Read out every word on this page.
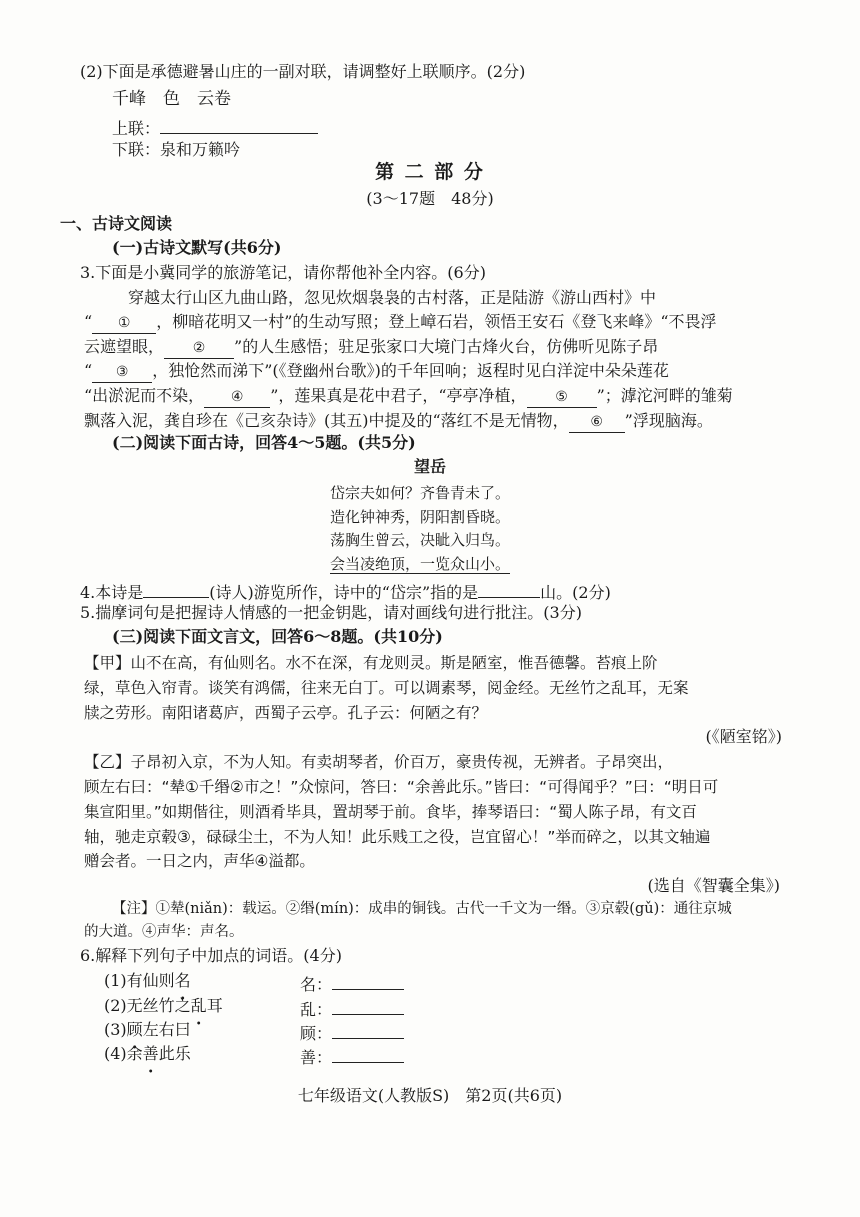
(2)下面是承德避暑山庄的一副对联，请调整好上联顺序。(2分)
千峰　色　云卷
上联：
下联：泉和万籁吟
第 二 部 分
(3～17题　48分)
一、古诗文阅读
(一)古诗文默写(共6分)
3.下面是小冀同学的旅游笔记，请你帮他补全内容。(6分)
穿越太行山区九曲山路，忽见炊烟袅袅的古村落，正是陆游《游山西村》中
“ ① ，柳暗花明又一村”的生动写照；登上嶂石岩，领悟王安石《登飞来峰》“不畏浮
云遮望眼， ② ”的人生感悟；驻足张家口大境门古烽火台，仿佛听见陈子昂
“ ③ ，独怆然而涕下”(《登幽州台歌》)的千年回响；返程时见白洋淀中朵朵莲花
“出淤泥而不染， ④ ”，莲果真是花中君子，“亭亭净植， ⑤ ”；滹沱河畔的雏菊
飘落入泥，龚自珍在《己亥杂诗》(其五)中提及的“落红不是无情物， ⑥ ”浮现脑海。
(二)阅读下面古诗，回答4～5题。(共5分)
望岳
岱宗夫如何？齐鲁青未了。
造化钟神秀，阴阳割昏晓。
荡胸生曾云，决眦入归鸟。
会当凌绝顶，一览众山小。
4.本诗是	(诗人)游览所作，诗中的“岱宗”指的是	山。(2分)
5.揣摩词句是把握诗人情感的一把金钥匙，请对画线句进行批注。(3分)
(三)阅读下面文言文，回答6～8题。(共10分)
【甲】山不在高，有仙则名。水不在深，有龙则灵。斯是陋室，惟吾德馨。苔痕上阶
绿，草色入帘青。谈笑有鸿儒，往来无白丁。可以调素琴，阅金经。无丝竹之乱耳，无案
牍之劳形。南阳诸葛庐，西蜀子云亭。孔子云：何陋之有？
(《陋室铭》)
【乙】子昂初入京，不为人知。有卖胡琴者，价百万，豪贵传视，无辨者。子昂突出，
顾左右曰：“辇①千缗②市之！”众惊问，答曰：“余善此乐。”皆曰：“可得闻乎？”曰：“明日可
集宣阳里。”如期偕往，则酒肴毕具，置胡琴于前。食毕，捧琴语曰：“蜀人陈子昂，有文百
轴，驰走京毂③，碌碌尘土，不为人知！此乐贱工之役，岂宜留心！”举而碎之，以其文轴遍
赠会者。一日之内，声华④溢都。
(选自《智囊全集》)
【注】①辇(niǎn)：载运。②缗(mín)：成串的铜钱。古代一千文为一缗。③京毂(gǔ)：通往京城
的大道。④声华：声名。
6.解释下列句子中加点的词语。(4分)
(1)有仙则名	名：
(2)无丝竹之乱耳	乱：
(3)顾左右曰	顾：
(4)余善此乐	善：
七年级语文(人教版S)　第2页(共6页)
